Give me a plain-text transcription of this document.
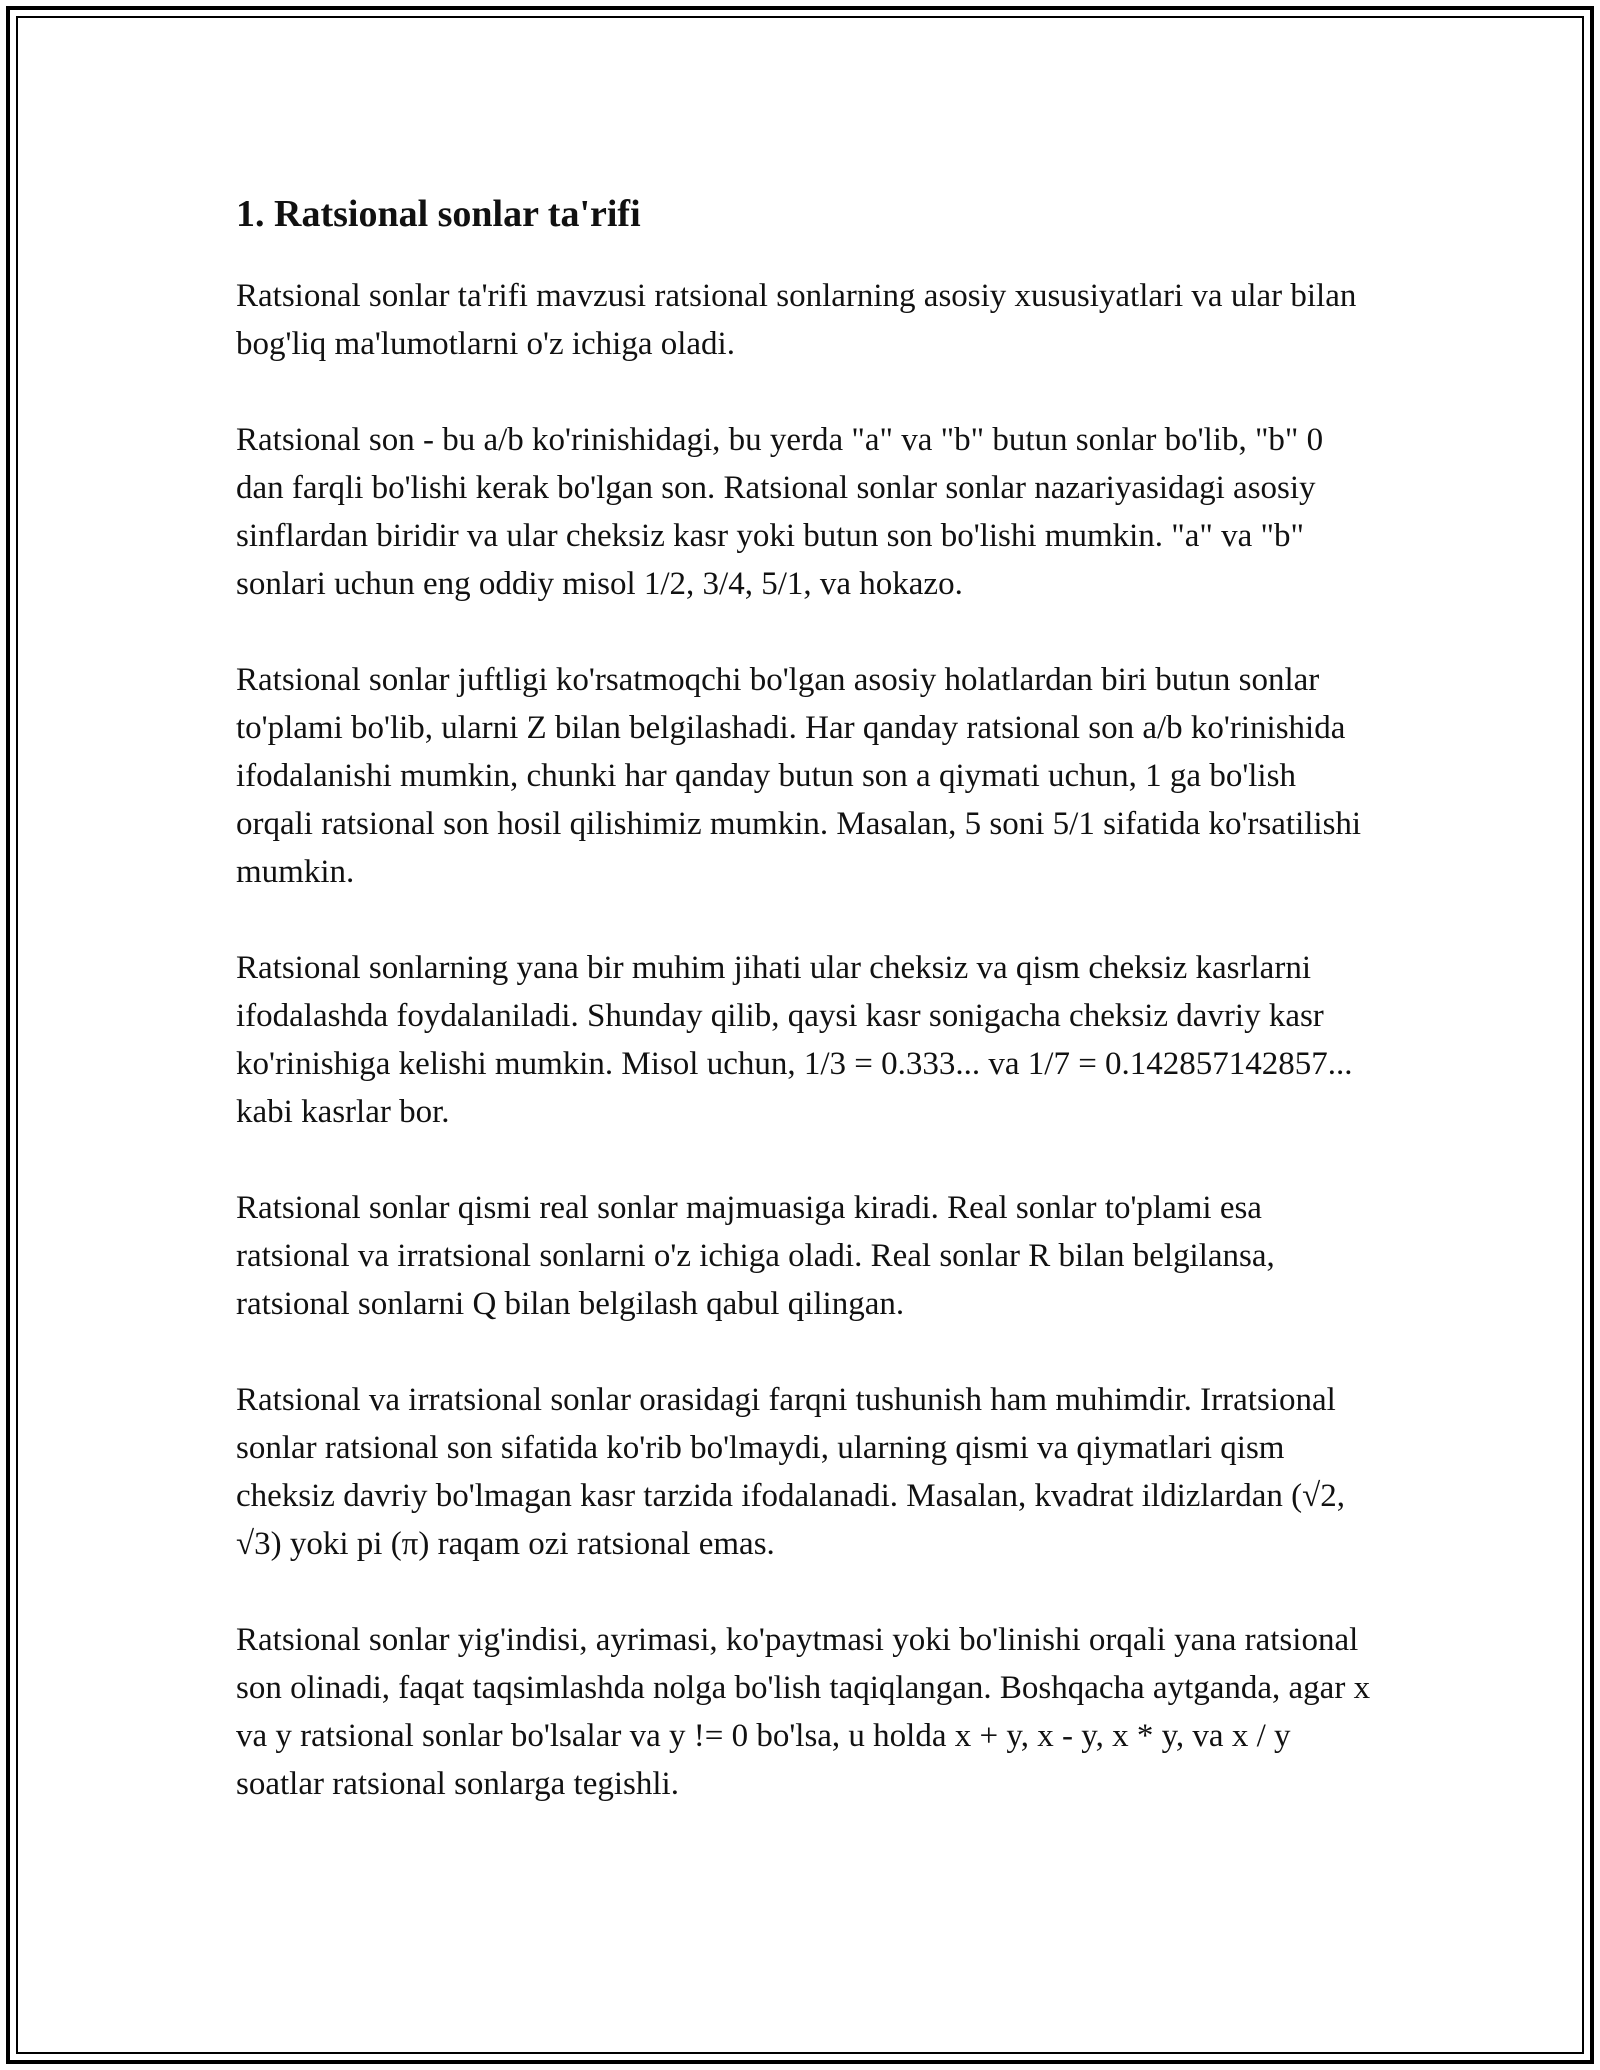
1. Ratsional sonlar ta'rifi

Ratsional sonlar ta'rifi mavzusi ratsional sonlarning asosiy xususiyatlari va ular bilan bog'liq ma'lumotlarni o'z ichiga oladi.

Ratsional son - bu a/b ko'rinishidagi, bu yerda "a" va "b" butun sonlar bo'lib, "b" 0 dan farqli bo'lishi kerak bo'lgan son. Ratsional sonlar sonlar nazariyasidagi asosiy sinflardan biridir va ular cheksiz kasr yoki butun son bo'lishi mumkin. "a" va "b" sonlari uchun eng oddiy misol 1/2, 3/4, 5/1, va hokazo.

Ratsional sonlar juftligi ko'rsatmoqchi bo'lgan asosiy holatlardan biri butun sonlar to'plami bo'lib, ularni Z bilan belgilashadi. Har qanday ratsional son a/b ko'rinishida ifodalanishi mumkin, chunki har qanday butun son a qiymati uchun, 1 ga bo'lish orqali ratsional son hosil qilishimiz mumkin. Masalan, 5 soni 5/1 sifatida ko'rsatilishi mumkin.

Ratsional sonlarning yana bir muhim jihati ular cheksiz va qism cheksiz kasrlarni ifodalashda foydalaniladi. Shunday qilib, qaysi kasr sonigacha cheksiz davriy kasr ko'rinishiga kelishi mumkin. Misol uchun, 1/3 = 0.333... va 1/7 = 0.142857142857... kabi kasrlar bor.

Ratsional sonlar qismi real sonlar majmuasiga kiradi. Real sonlar to'plami esa ratsional va irratsional sonlarni o'z ichiga oladi. Real sonlar R bilan belgilansa, ratsional sonlarni Q bilan belgilash qabul qilingan.

Ratsional va irratsional sonlar orasidagi farqni tushunish ham muhimdir. Irratsional sonlar ratsional son sifatida ko'rib bo'lmaydi, ularning qismi va qiymatlari qism cheksiz davriy bo'lmagan kasr tarzida ifodalanadi. Masalan, kvadrat ildizlardan (√2, √3) yoki pi (π) raqam ozi ratsional emas.

Ratsional sonlar yig'indisi, ayrimasi, ko'paytmasi yoki bo'linishi orqali yana ratsional son olinadi, faqat taqsimlashda nolga bo'lish taqiqlangan. Boshqacha aytganda, agar x va y ratsional sonlar bo'lsalar va y != 0 bo'lsa, u holda x + y, x - y, x * y, va x / y soatlar ratsional sonlarga tegishli.
